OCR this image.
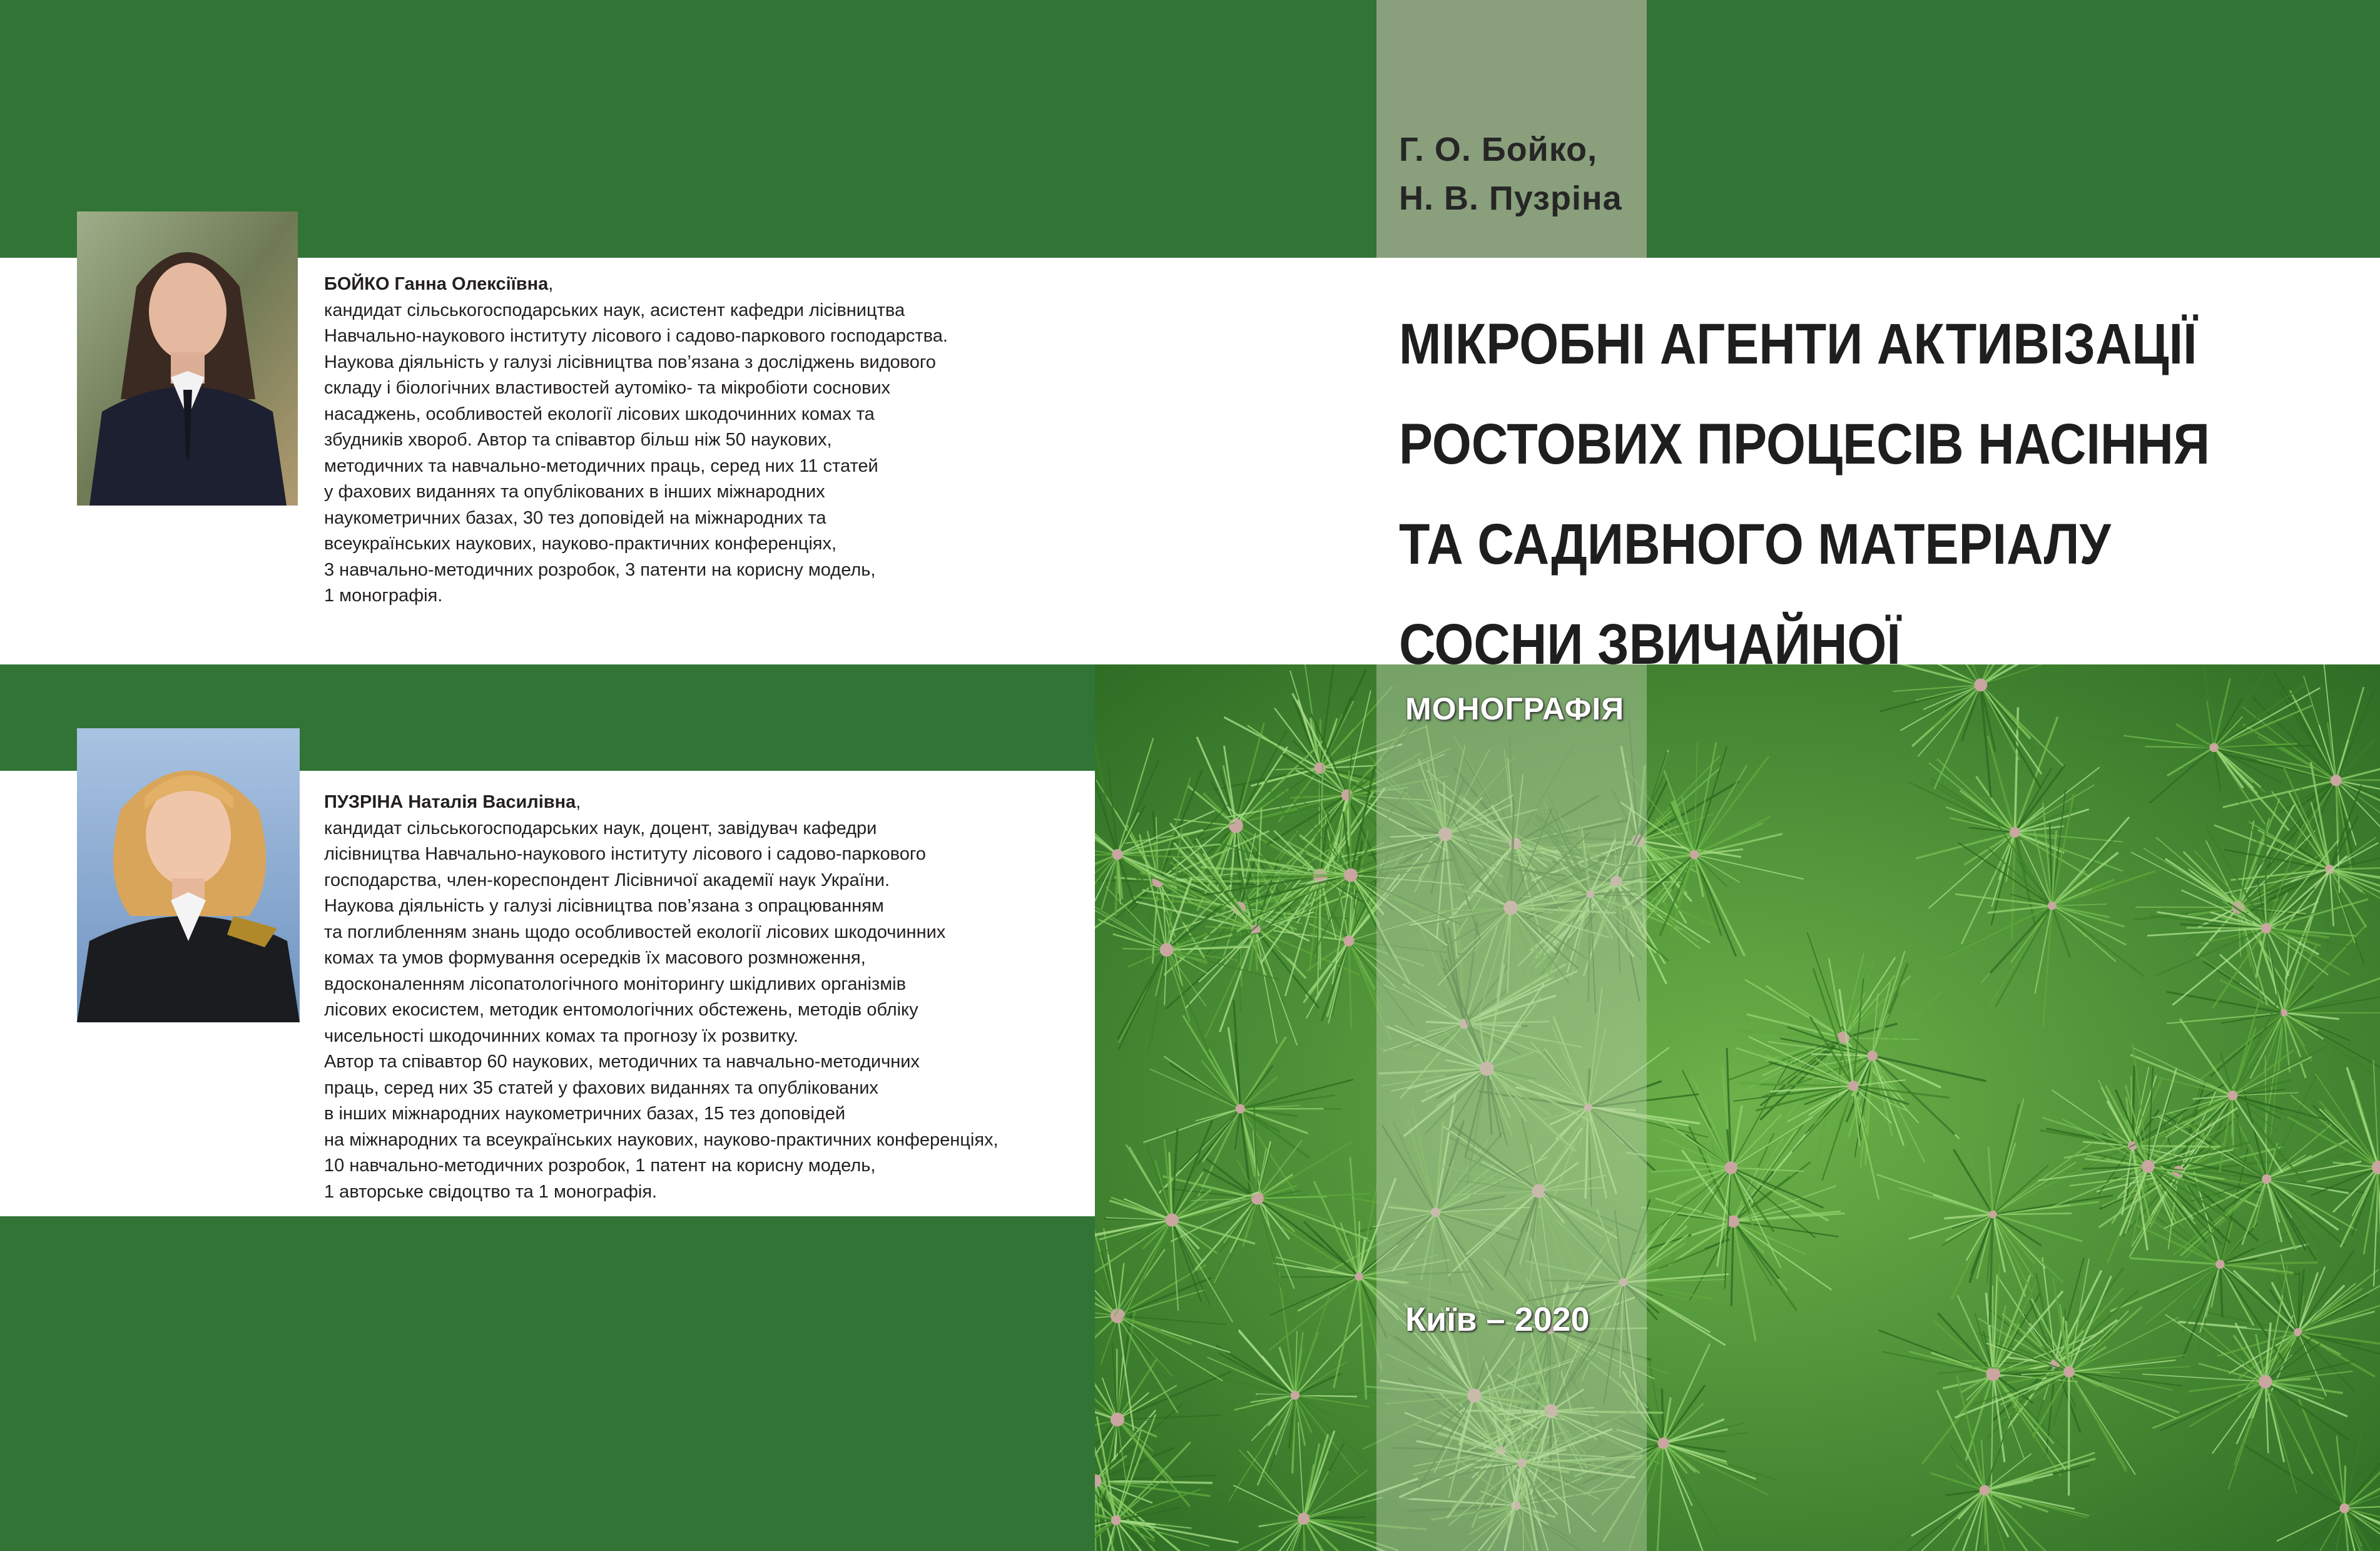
БОЙКО Ганна Олексіївна,

кандидат сільськогосподарських наук, асистент кафедри лісівництва

Навчально-наукового інституту лісового і садово-паркового господарства.

Наукова діяльність у галузі лісівництва пов’язана з досліджень видового

складу і біологічних властивостей аутоміко- та мікробіоти соснових

насаджень, особливостей екології лісових шкодочинних комах та

збудників хвороб. Автор та співавтор більш ніж 50 наукових,

методичних та навчально-методичних праць, серед них 11 статей

у фахових виданнях та опублікованих в інших міжнародних

наукометричних базах, 30 тез доповідей на міжнародних та

всеукраїнських наукових, науково-практичних конференціях,

3 навчально-методичних розробок, 3 патенти на корисну модель,

1 монографія.

ПУЗРІНА Наталія Василівна,

кандидат сільськогосподарських наук, доцент, завідувач кафедри

лісівництва Навчально-наукового інституту лісового і садово-паркового

господарства, член-кореспондент Лісівничої академії наук України.

Наукова діяльність у галузі лісівництва пов’язана з опрацюванням

та поглибленням знань щодо особливостей екології лісових шкодочинних

комах та умов формування осередків їх масового розмноження,

вдосконаленням лісопатологічного моніторингу шкідливих організмів

лісових екосистем, методик ентомологічних обстежень, методів обліку

чисельності шкодочинних комах та прогнозу їх розвитку.

Автор та співавтор 60 наукових, методичних та навчально-методичних

праць, серед них 35 статей у фахових виданнях та опублікованих

в інших міжнародних наукометричних базах, 15 тез доповідей

на міжнародних та всеукраїнських наукових, науково-практичних конференціях,

10 навчально-методичних розробок, 1 патент на корисну модель,

1 авторське свідоцтво та 1 монографія.

Г. О. Бойко,
Н. В. Пузріна
МІКРОБНІ АГЕНТИ АКТИВІЗАЦІЇ
РОСТОВИХ ПРОЦЕСІВ НАСІННЯ
ТА САДИВНОГО МАТЕРІАЛУ
СОСНИ ЗВИЧАЙНОЇ
МОНОГРАФІЯ
Київ – 2020
